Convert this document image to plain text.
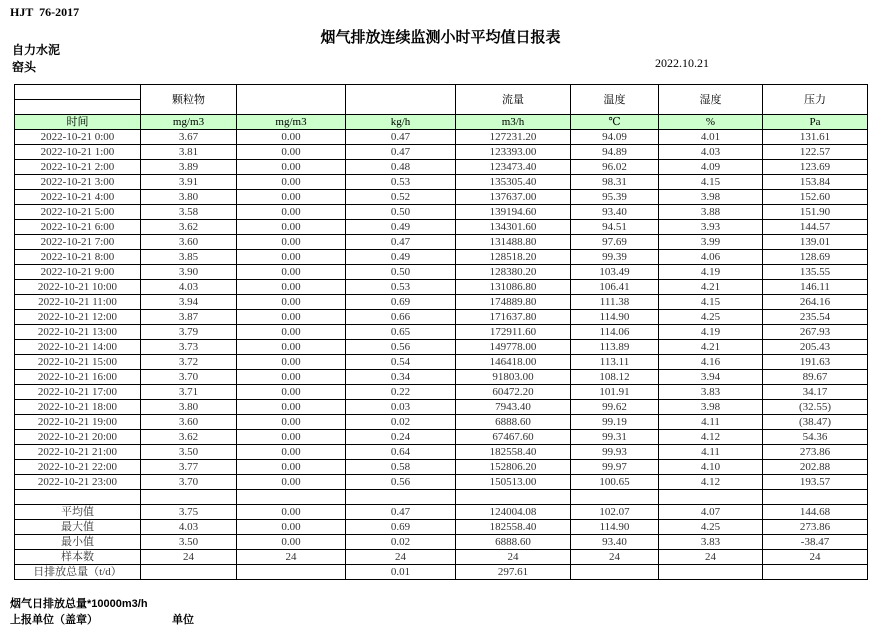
HJT  76-2017
烟气排放连续监测小时平均值日报表
自力水泥
窑头	2022.10.21
	颗粒物			流量	温度	湿度	压力

时间	mg/m3	mg/m3	kg/h	m3/h	℃	%	Pa
2022-10-21 0:00	3.67	0.00	0.47	127231.20	94.09	4.01	131.61
2022-10-21 1:00	3.81	0.00	0.47	123393.00	94.89	4.03	122.57
2022-10-21 2:00	3.89	0.00	0.48	123473.40	96.02	4.09	123.69
2022-10-21 3:00	3.91	0.00	0.53	135305.40	98.31	4.15	153.84
2022-10-21 4:00	3.80	0.00	0.52	137637.00	95.39	3.98	152.60
2022-10-21 5:00	3.58	0.00	0.50	139194.60	93.40	3.88	151.90
2022-10-21 6:00	3.62	0.00	0.49	134301.60	94.51	3.93	144.57
2022-10-21 7:00	3.60	0.00	0.47	131488.80	97.69	3.99	139.01
2022-10-21 8:00	3.85	0.00	0.49	128518.20	99.39	4.06	128.69
2022-10-21 9:00	3.90	0.00	0.50	128380.20	103.49	4.19	135.55
2022-10-21 10:00	4.03	0.00	0.53	131086.80	106.41	4.21	146.11
2022-10-21 11:00	3.94	0.00	0.69	174889.80	111.38	4.15	264.16
2022-10-21 12:00	3.87	0.00	0.66	171637.80	114.90	4.25	235.54
2022-10-21 13:00	3.79	0.00	0.65	172911.60	114.06	4.19	267.93
2022-10-21 14:00	3.73	0.00	0.56	149778.00	113.89	4.21	205.43
2022-10-21 15:00	3.72	0.00	0.54	146418.00	113.11	4.16	191.63
2022-10-21 16:00	3.70	0.00	0.34	91803.00	108.12	3.94	89.67
2022-10-21 17:00	3.71	0.00	0.22	60472.20	101.91	3.83	34.17
2022-10-21 18:00	3.80	0.00	0.03	7943.40	99.62	3.98	(32.55)
2022-10-21 19:00	3.60	0.00	0.02	6888.60	99.19	4.11	(38.47)
2022-10-21 20:00	3.62	0.00	0.24	67467.60	99.31	4.12	54.36
2022-10-21 21:00	3.50	0.00	0.64	182558.40	99.93	4.11	273.86
2022-10-21 22:00	3.77	0.00	0.58	152806.20	99.97	4.10	202.88
2022-10-21 23:00	3.70	0.00	0.56	150513.00	100.65	4.12	193.57

平均值	3.75	0.00	0.47	124004.08	102.07	4.07	144.68
最大值	4.03	0.00	0.69	182558.40	114.90	4.25	273.86
最小值	3.50	0.00	0.02	6888.60	93.40	3.83	-38.47
样本数	24	24	24	24	24	24	24
日排放总量（t/d）			0.01	297.61			
烟气日排放总量*10000m3/h
上报单位（盖章）	单位
